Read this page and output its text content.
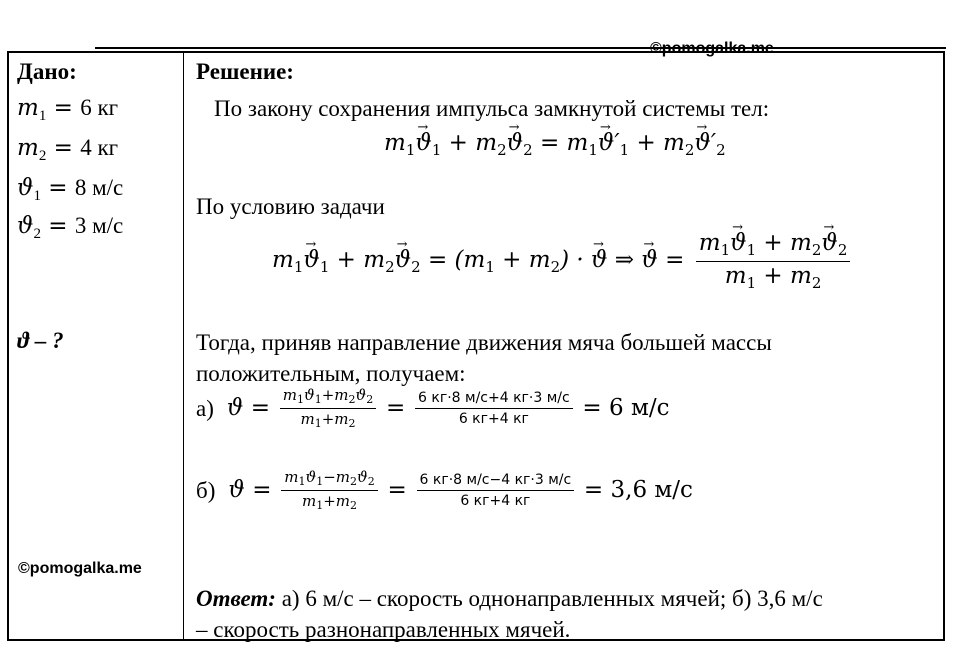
©pomogalka.me
©pomogalka.me
Дано:
$m_1 = 6$ кг
$m_2 = 4$ кг
$ϑ_1 = 8$ м/с
$ϑ_2 = 3$ м/с
ϑ – ?
Решение:
По закону сохранения импульса замкнутой системы тел:
$m_1\to ϑ_1 + m_2\to ϑ_2 = m_1\to ϑ'_1 + m_2\to ϑ'_2$
По условию задачи
$m_1\to ϑ_1 + m_2\to ϑ_2 = (m_1 + m_2)$ · → ϑ ⇒ → $ϑ = \frac{m_1\to ϑ_1 + m_2\to ϑ_2}{m_1 + m_2}$
Тогда, приняв направление движения мяча большей массы
положительным, получаем:
а)  $ϑ = \frac{m_1ϑ_1+m_2ϑ_2}{m_1+m_2} = \frac{6 кг\cdot 8 м/с+4 кг\cdot 3 м/с}{6 кг+4 кг} = 6$ м/с
б)  $ϑ = \frac{m_1ϑ_1-m_2ϑ_2}{m_1+m_2} = \frac{6 кг\cdot 8 м/с-4 кг\cdot 3 м/с}{6 кг+4 кг} = 3,6$ м/с
Ответ: а) 6 м/с – скорость однонаправленных мячей; б) 3,6 м/с
– скорость разнонаправленных мячей.
